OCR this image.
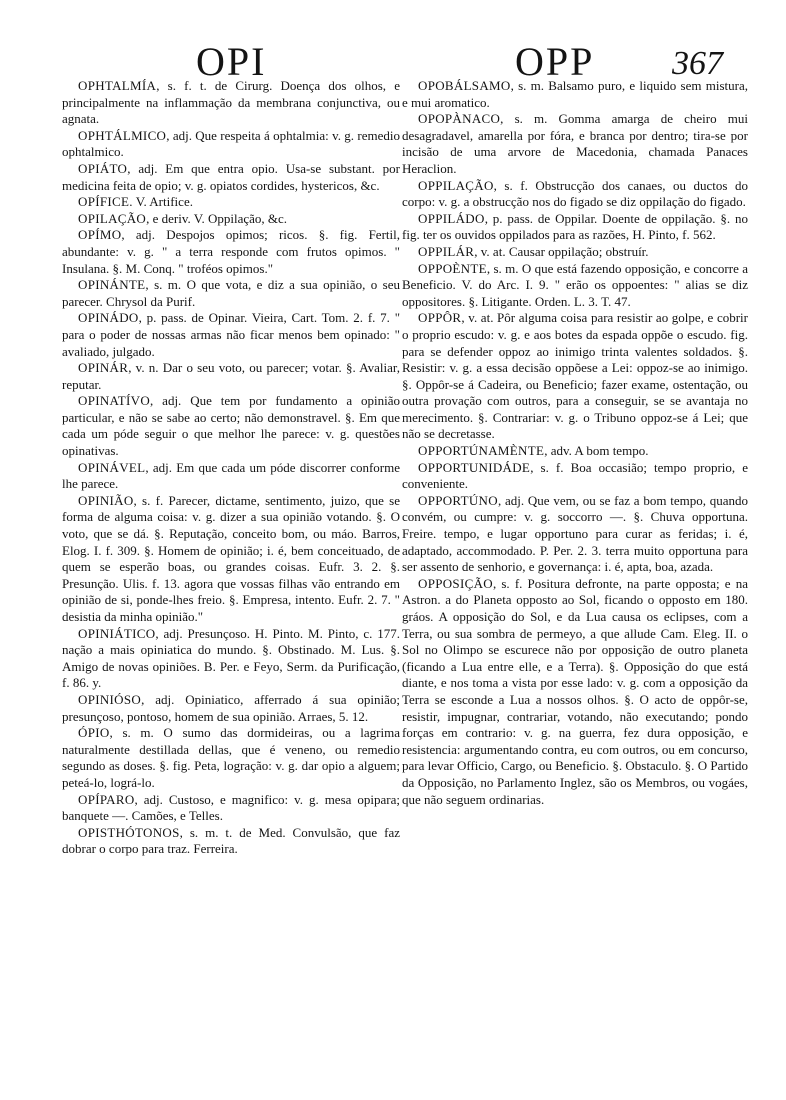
OPI	OPP 367

OPHTALMÍA, s. f. t. de Cirurg. Doença dos olhos, e principalmente na inflammação da membrana conjunctiva, ou agnata.

OPHTÁLMICO, adj. Que respeita á ophtalmia: v. g. remedio ophtalmico.

OPIÁTO, adj. Em que entra opio. Usa-se substant. por medicina feita de opio; v. g. opiatos cordides, hystericos, &c.

OPÍFICE. V. Artifice.

OPILAÇÃO, e deriv. V. Oppilação, &c.

OPÍMO, adj. Despojos opimos; ricos. §. fig. Fertil, abundante: v. g. " a terra responde com frutos opimos. " Insulana. §. M. Conq. " troféos opimos."

OPINÁNTE, s. m. O que vota, e diz a sua opinião, o seu parecer. Chrysol da Purif.

OPINÁDO, p. pass. de Opinar. Vieira, Cart. Tom. 2. f. 7. " para o poder de nossas armas não ficar menos bem opinado: " avaliado, julgado.

OPINÁR, v. n. Dar o seu voto, ou parecer; votar. §. Avaliar, reputar.

OPINATÍVO, adj. Que tem por fundamento a opinião particular, e não se sabe ao certo; não demonstravel. §. Em que cada um póde seguir o que melhor lhe parece: v. g. questões opinativas.

OPINÁVEL, adj. Em que cada um póde discorrer conforme lhe parece.

OPINIÃO, s. f. Parecer, dictame, sentimento, juizo, que se forma de alguma coisa: v. g. dizer a sua opinião votando. §. O voto, que se dá. §. Reputação, conceito bom, ou máo. Barros, Elog. I. f. 309. §. Homem de opinião; i. é, bem conceituado, de quem se esperão boas, ou grandes coisas. Eufr. 3. 2. §. Presunção. Ulis. f. 13. agora que vossas filhas vão entrando em opinião de si, ponde-lhes freio. §. Empresa, intento. Eufr. 2. 7. " desistia da minha opinião."

OPINIÁTICO, adj. Presunçoso. H. Pinto. M. Pinto, c. 177. nação a mais opiniatica do mundo. §. Obstinado. M. Lus. §. Amigo de novas opiniões. B. Per. e Feyo, Serm. da Purificação, f. 86. y.

OPINIÓSO, adj. Opiniatico, afferrado á sua opinião; presunçoso, pontoso, homem de sua opinião. Arraes, 5. 12.

ÓPIO, s. m. O sumo das dormideiras, ou a lagrima naturalmente destillada dellas, que é veneno, ou remedio segundo as doses. §. fig. Peta, logração: v. g. dar opio a alguem; peteá-lo, lográ-lo.

OPÍPARO, adj. Custoso, e magnifico: v. g. mesa opipara; banquete —. Camões, e Telles.

OPISTHÓTONOS, s. m. t. de Med. Convulsão, que faz dobrar o corpo para traz. Ferreira.

OPOBÁLSAMO, s. m. Balsamo puro, e liquido sem mistura, e mui aromatico.

OPOPÀNACO, s. m. Gomma amarga de cheiro mui desagradavel, amarella por fóra, e branca por dentro; tira-se por incisão de uma arvore de Macedonia, chamada Panaces Heraclion.

OPPILAÇÃO, s. f. Obstrucção dos canaes, ou ductos do corpo: v. g. a obstrucção nos do figado se diz oppilação do figado.

OPPILÁDO, p. pass. de Oppilar. Doente de oppilação. §. no fig. ter os ouvidos oppilados para as razões, H. Pinto, f. 562.

OPPILÁR, v. at. Causar oppilação; obstruír.

OPPOÈNTE, s. m. O que está fazendo opposição, e concorre a Beneficio. V. do Arc. I. 9. " erão os oppoentes: " alias se diz oppositores. §. Litigante. Orden. L. 3. T. 47.

OPPÔR, v. at. Pôr alguma coisa para resistir ao golpe, e cobrir o proprio escudo: v. g. e aos botes da espada oppõe o escudo. fig. para se defender oppoz ao inimigo trinta valentes soldados. §. Resistir: v. g. a essa decisão oppõese a Lei: oppoz-se ao inimigo. §. Oppôr-se á Cadeira, ou Beneficio; fazer exame, ostentação, ou outra provação com outros, para a conseguir, se se avantaja no merecimento. §. Contrariar: v. g. o Tribuno oppoz-se á Lei; que não se decretasse.

OPPORTÚNAMÈNTE, adv. A bom tempo.

OPPORTUNIDÁDE, s. f. Boa occasião; tempo proprio, e conveniente.

OPPORTÚNO, adj. Que vem, ou se faz a bom tempo, quando convém, ou cumpre: v. g. soccorro —. §. Chuva opportuna. Freire. tempo, e lugar opportuno para curar as feridas; i. é, adaptado, accommodado. P. Per. 2. 3. terra muito opportuna para ser assento de senhorio, e governança: i. é, apta, boa, azada.

OPPOSIÇÃO, s. f. Positura defronte, na parte opposta; e na Astron. a do Planeta opposto ao Sol, ficando o opposto em 180. gráos. A opposição do Sol, e da Lua causa os eclipses, com a Terra, ou sua sombra de permeyo, a que allude Cam. Eleg. II. o Sol no Olimpo se escurece não por opposição de outro planeta (ficando a Lua entre elle, e a Terra). §. Opposição do que está diante, e nos toma a vista por esse lado: v. g. com a opposição da Terra se esconde a Lua a nossos olhos. §. O acto de oppôr-se, resistir, impugnar, contrariar, votando, não executando; pondo forças em contrario: v. g. na guerra, fez dura opposição, e resistencia: argumentando contra, eu com outros, ou em concurso, para levar Officio, Cargo, ou Beneficio. §. Obstaculo. §. O Partido da Opposição, no Parlamento Inglez, são os Membros, ou vogáes, que não seguem ordinarias.
